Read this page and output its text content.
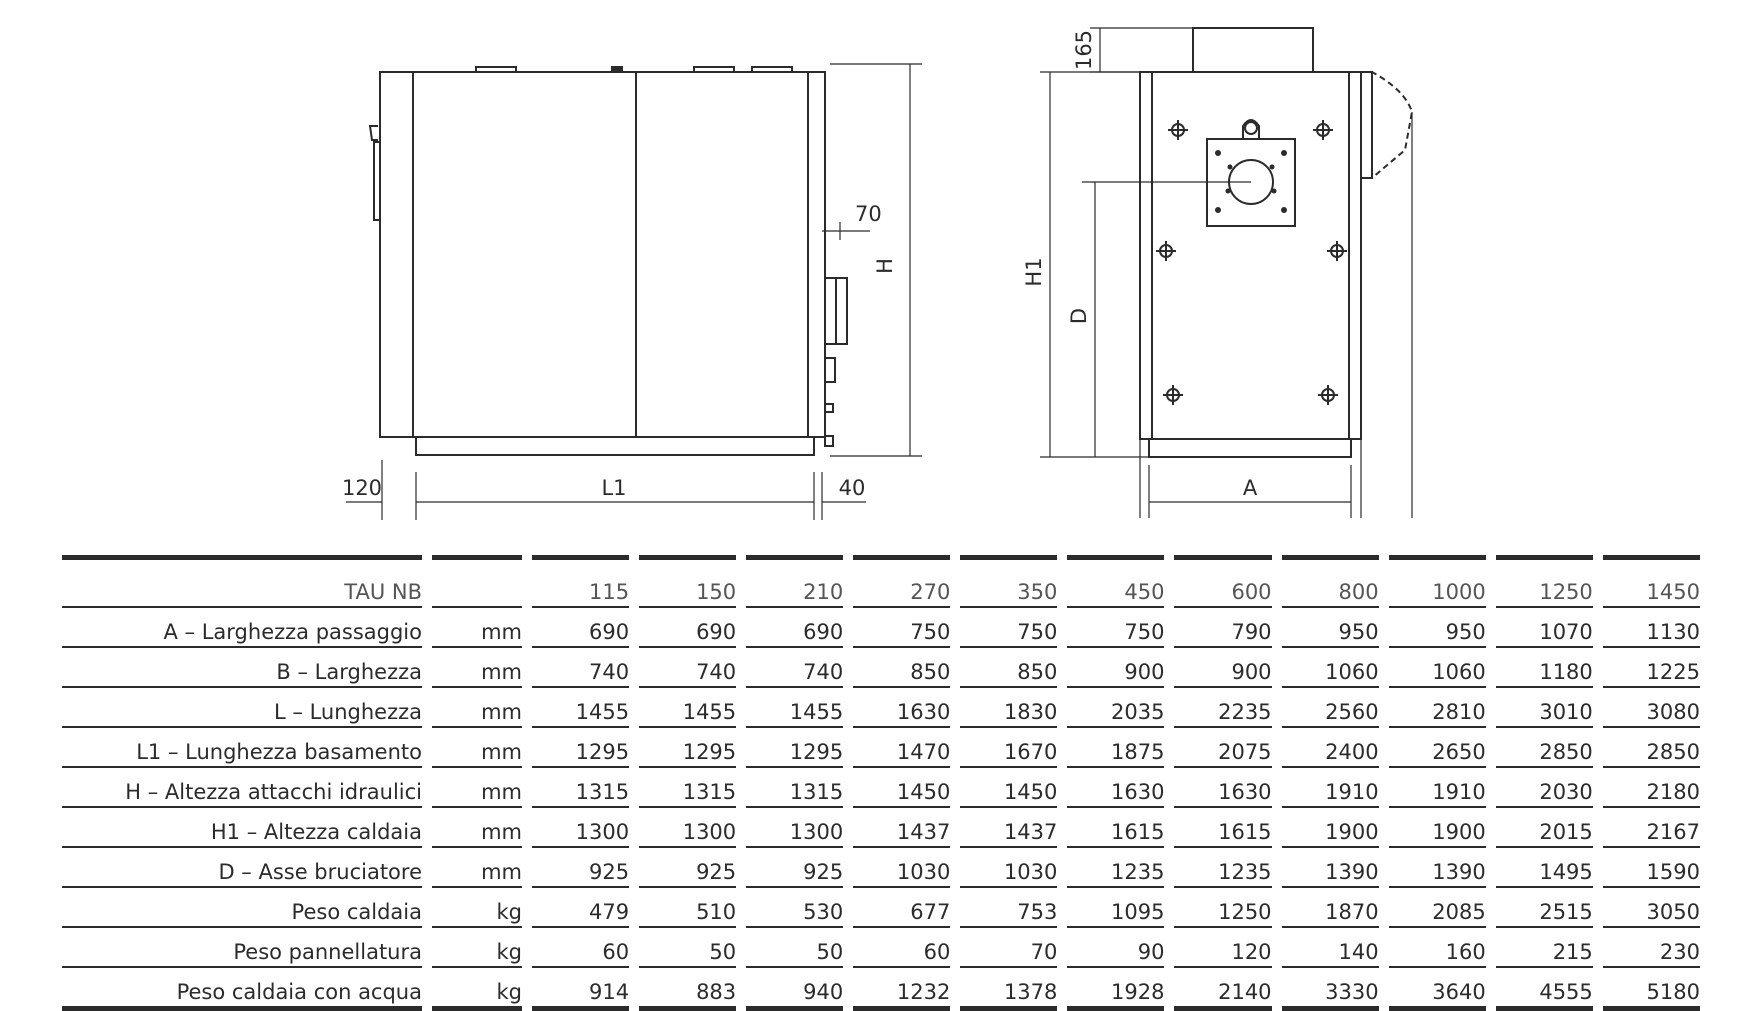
H
70
120	L1	40
165
H1
D
A
TAU NB		115	150	210	270	350	450	600	800	1000	1250	1450
A – Larghezza passaggio	mm	690	690	690	750	750	750	790	950	950	1070	1130
B – Larghezza	mm	740	740	740	850	850	900	900	1060	1060	1180	1225
L – Lunghezza	mm	1455	1455	1455	1630	1830	2035	2235	2560	2810	3010	3080
L1 – Lunghezza basamento	mm	1295	1295	1295	1470	1670	1875	2075	2400	2650	2850	2850
H – Altezza attacchi idraulici	mm	1315	1315	1315	1450	1450	1630	1630	1910	1910	2030	2180
H1 – Altezza caldaia	mm	1300	1300	1300	1437	1437	1615	1615	1900	1900	2015	2167
D – Asse bruciatore	mm	925	925	925	1030	1030	1235	1235	1390	1390	1495	1590
Peso caldaia	kg	479	510	530	677	753	1095	1250	1870	2085	2515	3050
Peso pannellatura	kg	60	50	50	60	70	90	120	140	160	215	230
Peso caldaia con acqua	kg	914	883	940	1232	1378	1928	2140	3330	3640	4555	5180
